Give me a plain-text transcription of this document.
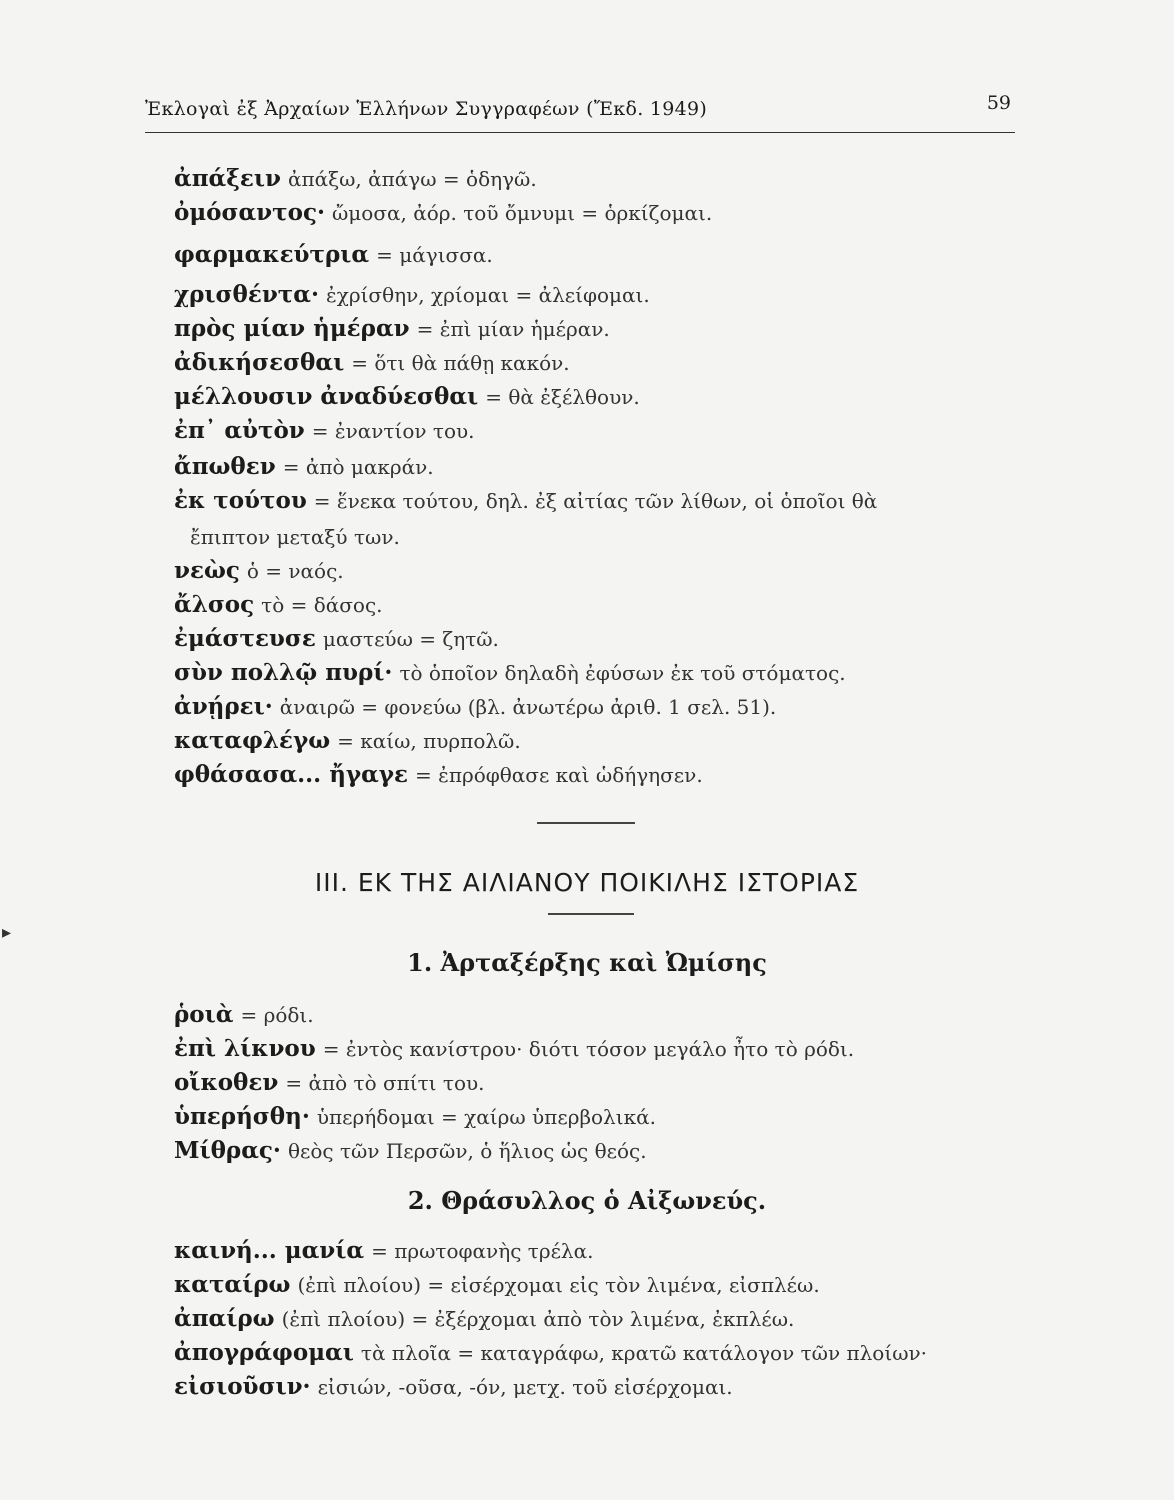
Ἐκλογαὶ ἐξ Ἀρχαίων Ἑλλήνων Συγγραφέων (Ἔκδ. 1949)	59
ἀπάξειν ἀπάξω, ἀπάγω = ὁδηγῶ.
ὀμόσαντος· ὤμοσα, ἀόρ. τοῦ ὄμνυμι = ὁρκίζομαι.
φαρμακεύτρια = μάγισσα.
χρισθέντα· ἐχρίσθην, χρίομαι = ἀλείφομαι.
πρὸς μίαν ἡμέραν = ἐπὶ μίαν ἡμέραν.
ἀδικήσεσθαι = ὅτι θὰ πάθῃ κακόν.
μέλλουσιν ἀναδύεσθαι = θὰ ἐξέλθουν.
ἐπ᾽ αὐτὸν = ἐναντίον του.
ἄπωθεν = ἀπὸ μακράν.
ἐκ τούτου = ἕνεκα τούτου, δηλ. ἐξ αἰτίας τῶν λίθων, οἱ ὁποῖοι θὰ
ἔπιπτον μεταξύ των.
νεὼς ὁ = ναός.
ἄλσος τὸ = δάσος.
ἐμάστευσε μαστεύω = ζητῶ.
σὺν πολλῷ πυρί· τὸ ὁποῖον δηλαδὴ ἐφύσων ἐκ τοῦ στόματος.
ἀνῄρει· ἀναιρῶ = φονεύω (βλ. ἀνωτέρω ἀριθ. 1 σελ. 51).
καταφλέγω = καίω, πυρπολῶ.
φθάσασα... ἤγαγε = ἐπρόφθασε καὶ ὡδήγησεν.
III. ΕΚ ΤΗΣ ΑΙΛΙΑΝΟΥ ΠΟΙΚΙΛΗΣ ΙΣΤΟΡΙΑΣ
▸
1. Ἀρταξέρξης καὶ Ὠμίσης
ῥοιὰ = ρόδι.
ἐπὶ λίκνου = ἐντὸς κανίστρου· διότι τόσον μεγάλο ἦτο τὸ ρόδι.
οἴκοθεν = ἀπὸ τὸ σπίτι του.
ὑπερήσθη· ὑπερήδομαι = χαίρω ὑπερβολικά.
Μίθρας· θεὸς τῶν Περσῶν, ὁ ἥλιος ὡς θεός.
2. Θράσυλλος ὁ Αἰξωνεύς.
καινή... μανία = πρωτοφανὴς τρέλα.
καταίρω (ἐπὶ πλοίου) = εἰσέρχομαι εἰς τὸν λιμένα, εἰσπλέω.
ἀπαίρω (ἐπὶ πλοίου) = ἐξέρχομαι ἀπὸ τὸν λιμένα, ἐκπλέω.
ἀπογράφομαι τὰ πλοῖα = καταγράφω, κρατῶ κατάλογον τῶν πλοίων·
εἰσιοῦσιν· εἰσιών, -οῦσα, -όν, μετχ. τοῦ εἰσέρχομαι.
